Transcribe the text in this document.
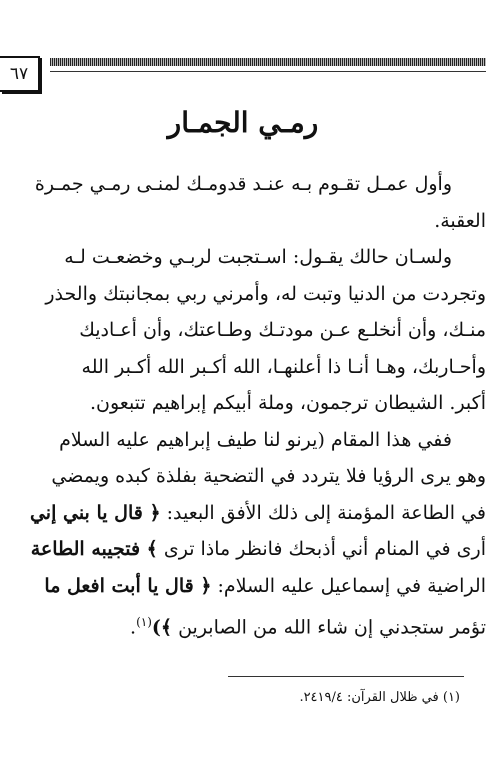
٦٧
رمـي الجمـار
وأول عمـل تقـوم بـه عنـد قدومـك لمنـى رمـي جمـرة
العقبة.
ولسـان حالك يقـول: اسـتجبت لربـي وخضعـت لـه
وتجردت من الدنيا وتبت له، وأمرني ربي بمجانبتك والحذر
منـك، وأن أنخلـع عـن مودتـك وطـاعتك، وأن أعـاديك
وأحـاربك، وهـا أنـا ذا أعلنهـا، الله أكـبر الله أكـبر الله
أكبر. الشيطان ترجمون، وملة أبيكم إبراهيم تتبعون.
ففي هذا المقام (يرنو لنا طيف إبراهيم عليه السلام
وهو يرى الرؤيا فلا يتردد في التضحية بفلذة كبده ويمضي
في الطاعة المؤمنة إلى ذلك الأفق البعيد: ﴿ قال يا بني إني
أرى في المنام أني أذبحك فانظر ماذا ترى ﴾ فتجيبه الطاعة
الراضية في إسماعيل عليه السلام: ﴿ قال يا أبت افعل ما
تؤمر ستجدني إن شاء الله من الصابرين ﴾)$^{(١)}$.
(١) في ظلال القرآن: ٢٤١٩/٤.
